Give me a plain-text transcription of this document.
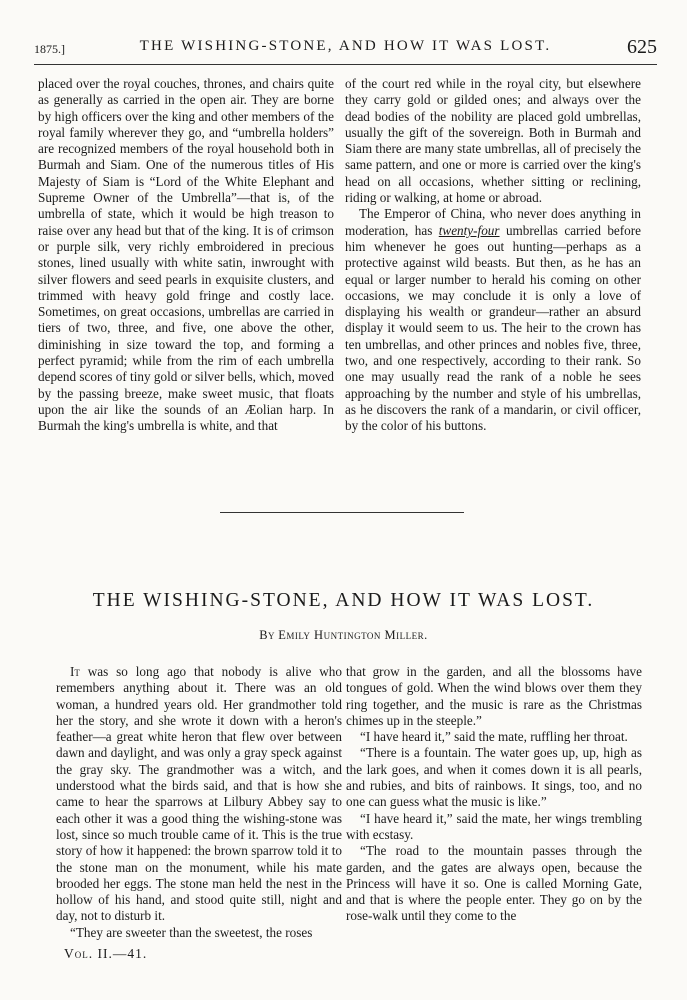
1875.]	THE WISHING-STONE, AND HOW IT WAS LOST.	625

placed over the royal couches, thrones, and chairs quite as generally as carried in the open air. They are borne by high officers over the king and other members of the royal family wherever they go, and “umbrella holders” are recognized members of the royal household both in Burmah and Siam. One of the numerous titles of His Majesty of Siam is “Lord of the White Elephant and Supreme Owner of the Umbrella”—that is, of the umbrella of state, which it would be high treason to raise over any head but that of the king. It is of crimson or purple silk, very richly embroidered in precious stones, lined usually with white satin, inwrought with silver flowers and seed pearls in exquisite clusters, and trimmed with heavy gold fringe and costly lace. Sometimes, on great occasions, umbrellas are carried in tiers of two, three, and five, one above the other, diminishing in size toward the top, and forming a perfect pyramid; while from the rim of each umbrella depend scores of tiny gold or silver bells, which, moved by the passing breeze, make sweet music, that floats upon the air like the sounds of an Æolian harp. In Burmah the king's umbrella is white, and that

of the court red while in the royal city, but elsewhere they carry gold or gilded ones; and always over the dead bodies of the nobility are placed gold umbrellas, usually the gift of the sovereign. Both in Burmah and Siam there are many state umbrellas, all of precisely the same pattern, and one or more is carried over the king's head on all occasions, whether sitting or reclining, riding or walking, at home or abroad.

The Emperor of China, who never does anything in moderation, has twenty-four umbrellas carried before him whenever he goes out hunting—perhaps as a protective against wild beasts. But then, as he has an equal or larger number to herald his coming on other occasions, we may conclude it is only a love of displaying his wealth or grandeur—rather an absurd display it would seem to us. The heir to the crown has ten umbrellas, and other princes and nobles five, three, two, and one respectively, according to their rank. So one may usually read the rank of a noble he sees approaching by the number and style of his umbrellas, as he discovers the rank of a mandarin, or civil officer, by the color of his buttons.

THE WISHING-STONE, AND HOW IT WAS LOST.
By Emily Huntington Miller.

It was so long ago that nobody is alive who remembers anything about it. There was an old woman, a hundred years old. Her grandmother told her the story, and she wrote it down with a heron's feather—a great white heron that flew over between dawn and daylight, and was only a gray speck against the gray sky. The grandmother was a witch, and understood what the birds said, and that is how she came to hear the sparrows at Lilbury Abbey say to each other it was a good thing the wishing-stone was lost, since so much trouble came of it. This is the true story of how it happened: the brown sparrow told it to the stone man on the monument, while his mate brooded her eggs. The stone man held the nest in the hollow of his hand, and stood quite still, night and day, not to disturb it.

“They are sweeter than the sweetest, the roses

that grow in the garden, and all the blossoms have tongues of gold. When the wind blows over them they ring together, and the music is rare as the Christmas chimes up in the steeple.”

“I have heard it,” said the mate, ruffling her throat.

“There is a fountain. The water goes up, up, high as the lark goes, and when it comes down it is all pearls, and rubies, and bits of rainbows. It sings, too, and no one can guess what the music is like.”

“I have heard it,” said the mate, her wings trembling with ecstasy.

“The road to the mountain passes through the garden, and the gates are always open, because the Princess will have it so. One is called Morning Gate, and that is where the people enter. They go on by the rose-walk until they come to the

Vol. II.—41.
